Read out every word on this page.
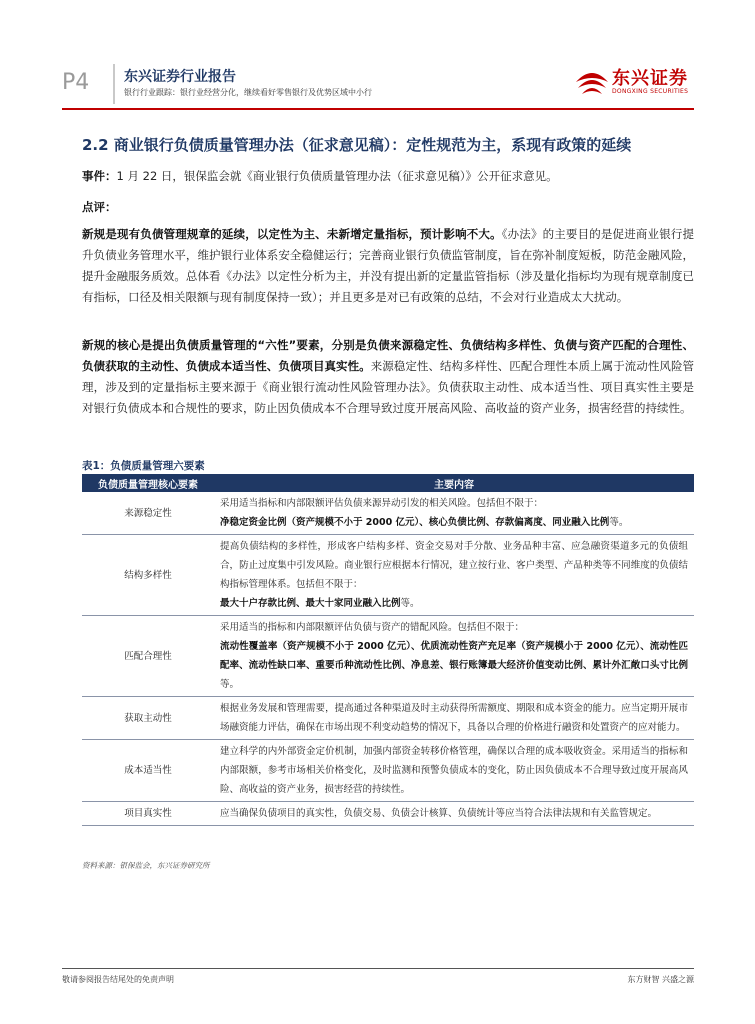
P4 东兴证券行业报告
银行行业跟踪：银行业经营分化，继续看好零售银行及优势区域中小行
东兴证券
DONGXING SECURITIES
2.2 商业银行负债质量管理办法（征求意见稿）：定性规范为主，系现有政策的延续
事件：1 月 22 日，银保监会就《商业银行负债质量管理办法（征求意见稿）》公开征求意见。
点评：
新规是现有负债管理规章的延续，以定性为主、未新增定量指标，预计影响不大。《办法》的主要目的是促进商业银行提升负债业务管理水平，维护银行业体系安全稳健运行；完善商业银行负债监管制度，旨在弥补制度短板，防范金融风险，提升金融服务质效。总体看《办法》以定性分析为主，并没有提出新的定量监管指标（涉及量化指标均为现有规章制度已有指标，口径及相关限额与现有制度保持一致）；并且更多是对已有政策的总结，不会对行业造成太大扰动。
新规的核心是提出负债质量管理的“六性”要素，分别是负债来源稳定性、负债结构多样性、负债与资产匹配的合理性、负债获取的主动性、负债成本适当性、负债项目真实性。来源稳定性、结构多样性、匹配合理性本质上属于流动性风险管理，涉及到的定量指标主要来源于《商业银行流动性风险管理办法》。负债获取主动性、成本适当性、项目真实性主要是对银行负债成本和合规性的要求，防止因负债成本不合理导致过度开展高风险、高收益的资产业务，损害经营的持续性。
表1：负债质量管理六要素
负债质量管理核心要素	主要内容
来源稳定性	采用适当指标和内部限额评估负债来源异动引发的相关风险。包括但不限于：
净稳定资金比例（资产规模不小于 2000 亿元）、核心负债比例、存款偏离度、同业融入比例等。
结构多样性	提高负债结构的多样性，形成客户结构多样、资金交易对手分散、业务品种丰富、应急融资渠道多元的负债组合，防止过度集中引发风险。商业银行应根据本行情况，建立按行业、客户类型、产品种类等不同维度的负债结构指标管理体系。包括但不限于：
最大十户存款比例、最大十家同业融入比例等。
匹配合理性	采用适当的指标和内部限额评估负债与资产的错配风险。包括但不限于：
流动性覆盖率（资产规模不小于 2000 亿元）、优质流动性资产充足率（资产规模小于 2000 亿元）、流动性匹配率、流动性缺口率、重要币种流动性比例、净息差、银行账簿最大经济价值变动比例、累计外汇敞口头寸比例等。
获取主动性	根据业务发展和管理需要，提高通过各种渠道及时主动获得所需额度、期限和成本资金的能力。应当定期开展市场融资能力评估，确保在市场出现不利变动趋势的情况下，具备以合理的价格进行融资和处置资产的应对能力。
成本适当性	建立科学的内外部资金定价机制，加强内部资金转移价格管理，确保以合理的成本吸收资金。采用适当的指标和内部限额，参考市场相关价格变化，及时监测和预警负债成本的变化，防止因负债成本不合理导致过度开展高风险、高收益的资产业务，损害经营的持续性。
项目真实性	应当确保负债项目的真实性，负债交易、负债会计核算、负债统计等应当符合法律法规和有关监管规定。
资料来源：银保监会，东兴证券研究所
敬请参阅报告结尾处的免责声明	东方财智 兴盛之源
